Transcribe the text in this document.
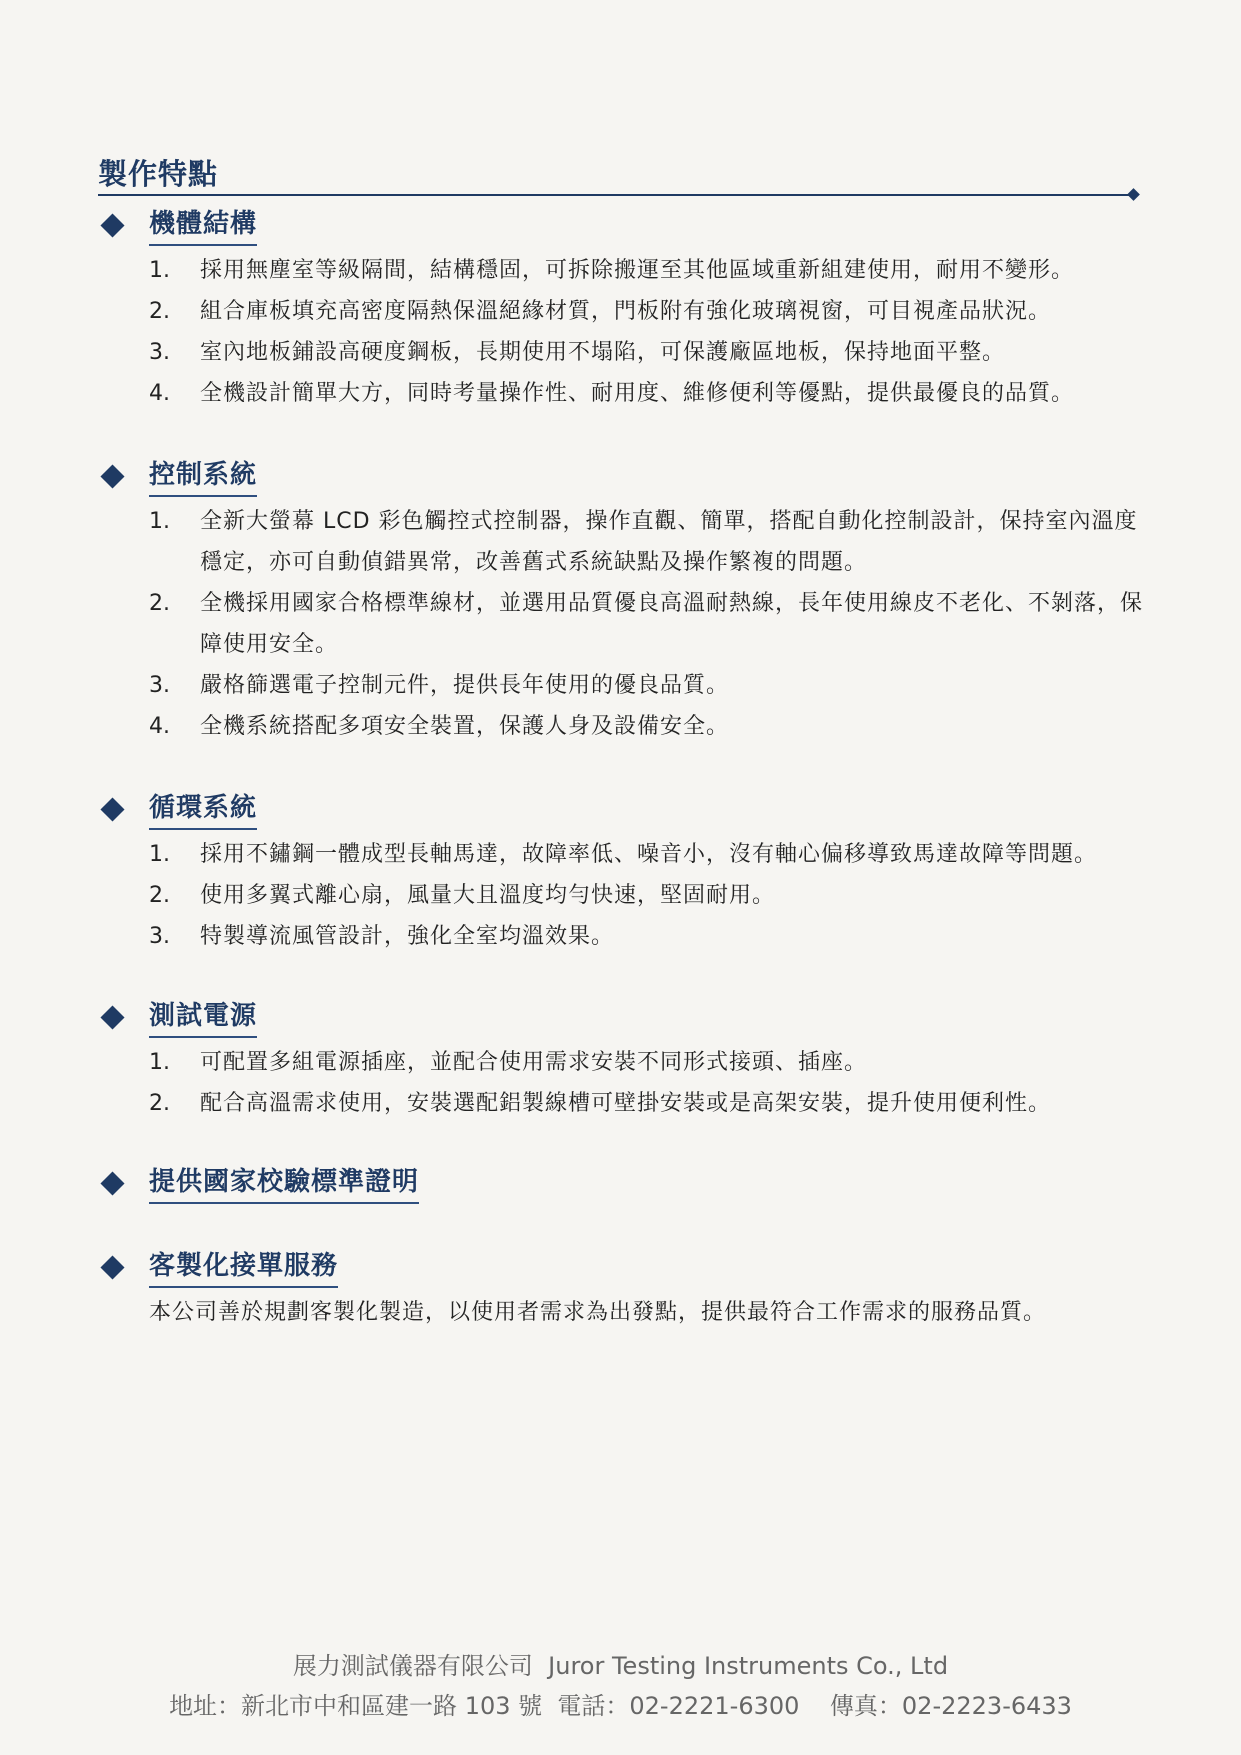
製作特點
機體結構
1. 採用無塵室等級隔間，結構穩固，可拆除搬運至其他區域重新組建使用，耐用不變形。
2. 組合庫板填充高密度隔熱保溫絕緣材質，門板附有強化玻璃視窗，可目視產品狀況。
3. 室內地板鋪設高硬度鋼板，長期使用不塌陷，可保護廠區地板，保持地面平整。
4. 全機設計簡單大方，同時考量操作性、耐用度、維修便利等優點，提供最優良的品質。
控制系統
1. 全新大螢幕 LCD 彩色觸控式控制器，操作直觀、簡單，搭配自動化控制設計，保持室內溫度穩定，亦可自動偵錯異常，改善舊式系統缺點及操作繁複的問題。
2. 全機採用國家合格標準線材，並選用品質優良高溫耐熱線，長年使用線皮不老化、不剝落，保障使用安全。
3. 嚴格篩選電子控制元件，提供長年使用的優良品質。
4. 全機系統搭配多項安全裝置，保護人身及設備安全。
循環系統
1. 採用不鏽鋼一體成型長軸馬達，故障率低、噪音小，沒有軸心偏移導致馬達故障等問題。
2. 使用多翼式離心扇，風量大且溫度均勻快速，堅固耐用。
3. 特製導流風管設計，強化全室均溫效果。
測試電源
1. 可配置多組電源插座，並配合使用需求安裝不同形式接頭、插座。
2. 配合高溫需求使用，安裝選配鋁製線槽可壁掛安裝或是高架安裝，提升使用便利性。
提供國家校驗標準證明
客製化接單服務
本公司善於規劃客製化製造，以使用者需求為出發點，提供最符合工作需求的服務品質。
展力測試儀器有限公司  Juror Testing Instruments Co., Ltd
地址：新北市中和區建一路 103 號  電話：02-2221-6300    傳真：02-2223-6433
